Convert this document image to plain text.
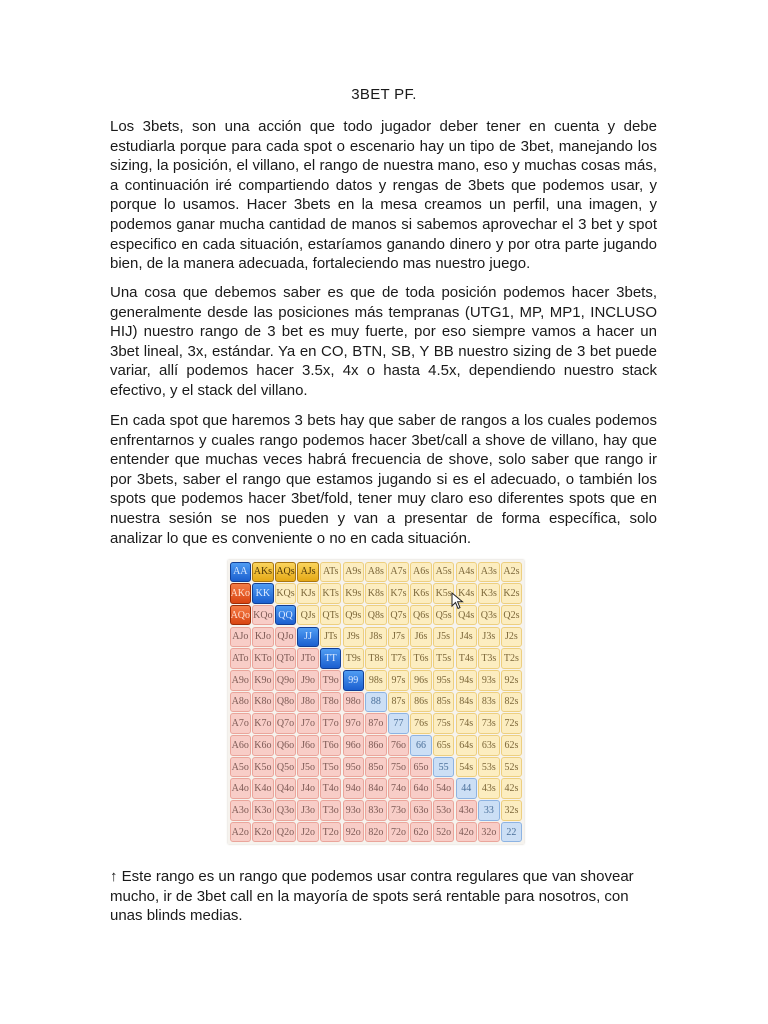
3BET PF.

Los 3bets, son una acción que todo jugador deber tener en cuenta y debe estudiarla porque para cada spot o escenario hay un tipo de 3bet, manejando los sizing, la posición, el villano, el rango de nuestra mano, eso y muchas cosas más, a continuación iré compartiendo datos y rengas de 3bets que podemos usar, y porque lo usamos. Hacer 3bets en la mesa creamos un perfil, una imagen, y podemos ganar mucha cantidad de manos si sabemos aprovechar el 3 bet y spot especifico en cada situación, estaríamos ganando dinero y por otra parte jugando bien, de la manera adecuada, fortaleciendo mas nuestro juego.

Una cosa que debemos saber es que de toda posición podemos hacer 3bets, generalmente desde las posiciones más tempranas (UTG1, MP, MP1, INCLUSO HIJ) nuestro rango de 3 bet es muy fuerte, por eso siempre vamos a hacer un 3bet lineal, 3x, estándar. Ya en CO, BTN, SB, Y BB nuestro sizing de 3 bet puede variar, allí podemos hacer 3.5x, 4x o hasta 4.5x, dependiendo nuestro stack efectivo, y el stack del villano.

En cada spot que haremos 3 bets hay que saber de rangos a los cuales podemos enfrentarnos y cuales rango podemos hacer 3bet/call a shove de villano, hay que entender que muchas veces habrá frecuencia de shove, solo saber que rango ir por 3bets, saber el rango que estamos jugando si es el adecuado, o también los spots que podemos hacer 3bet/fold, tener muy claro eso diferentes spots que en nuestra sesión se nos pueden y van a presentar de forma específica, solo analizar lo que es conveniente o no en cada situación.

AA AKs AQs AJs ATs A9s A8s A7s A6s A5s A4s A3s A2s
AKo KK KQs KJs KTs K9s K8s K7s K6s K5s K4s K3s K2s
AQo KQo QQ QJs QTs Q9s Q8s Q7s Q6s Q5s Q4s Q3s Q2s
AJo KJo QJo	JJ	JTs J9s J8s J7s J6s J5s J4s J3s J2s
ATo KTo QTo JTo TT T9s T8s T7s T6s T5s T4s T3s T2s
A9o K9o Q9o J9o T9o 99	98s 97s 96s 95s 94s 93s 92s
A8o K8o Q8o J8o T8o 98o	88	87s 86s 85s 84s 83s 82s
A7o K7o Q7o J7o T7o 97o 87o	77	76s 75s 74s 73s 72s
A6o K6o Q6o J6o T6o 96o 86o 76o	66	65s 64s 63s 62s
A5o K5o Q5o J5o T5o 95o 85o 75o 65o	55	54s 53s 52s
A4o K4o Q4o J4o T4o 94o 84o 74o 64o 54o	44	43s 42s
A3o K3o Q3o J3o T3o 93o 83o 73o 63o 53o 43o	33	32s
A2o K2o Q2o J2o T2o 92o 82o 72o 62o 52o 42o 32o	22

↑ Este rango es un rango que podemos usar contra regulares que van shovear mucho, ir de 3bet call en la mayoría de spots será rentable para nosotros, con unas blinds medias.
